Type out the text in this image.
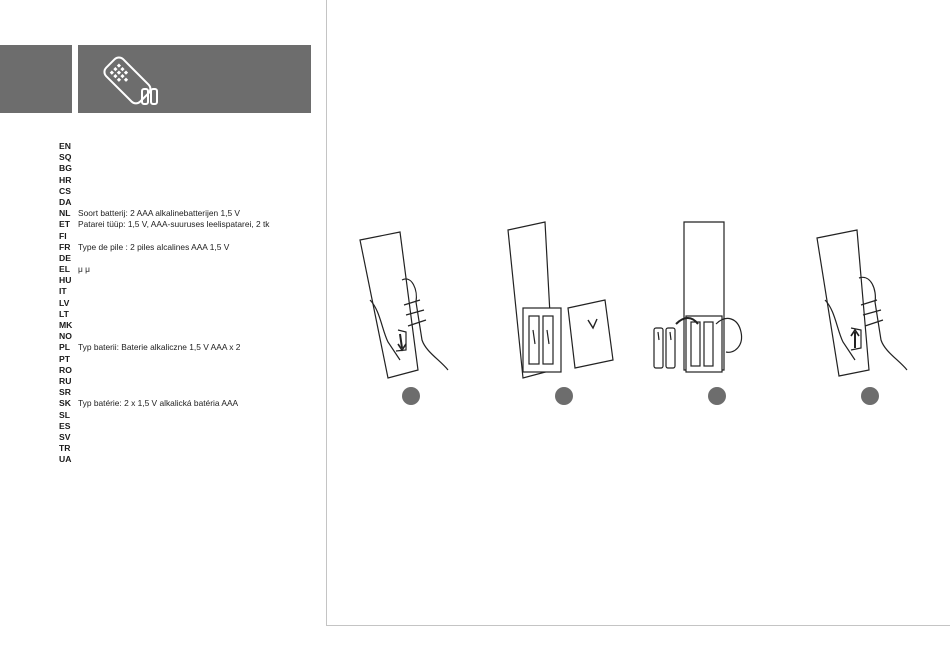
EN
SQ
BG
HR
CS
DA
NL Soort batterij: 2 AAA alkalinebatterijen 1,5 V
ET Patarei tüüp: 1,5 V, AAA-suuruses leelispatarei, 2 tk
FI
FR Type de pile : 2 piles alcalines AAA 1,5 V
DE
EL μ μ
HU
IT
LV
LT
MK
NO
PL Typ baterii: Baterie alkaliczne 1,5 V AAA x 2
PT
RO
RU
SR
SK Typ batérie: 2 x 1,5 V alkalická batéria AAA
SL
ES
SV
TR
UA
